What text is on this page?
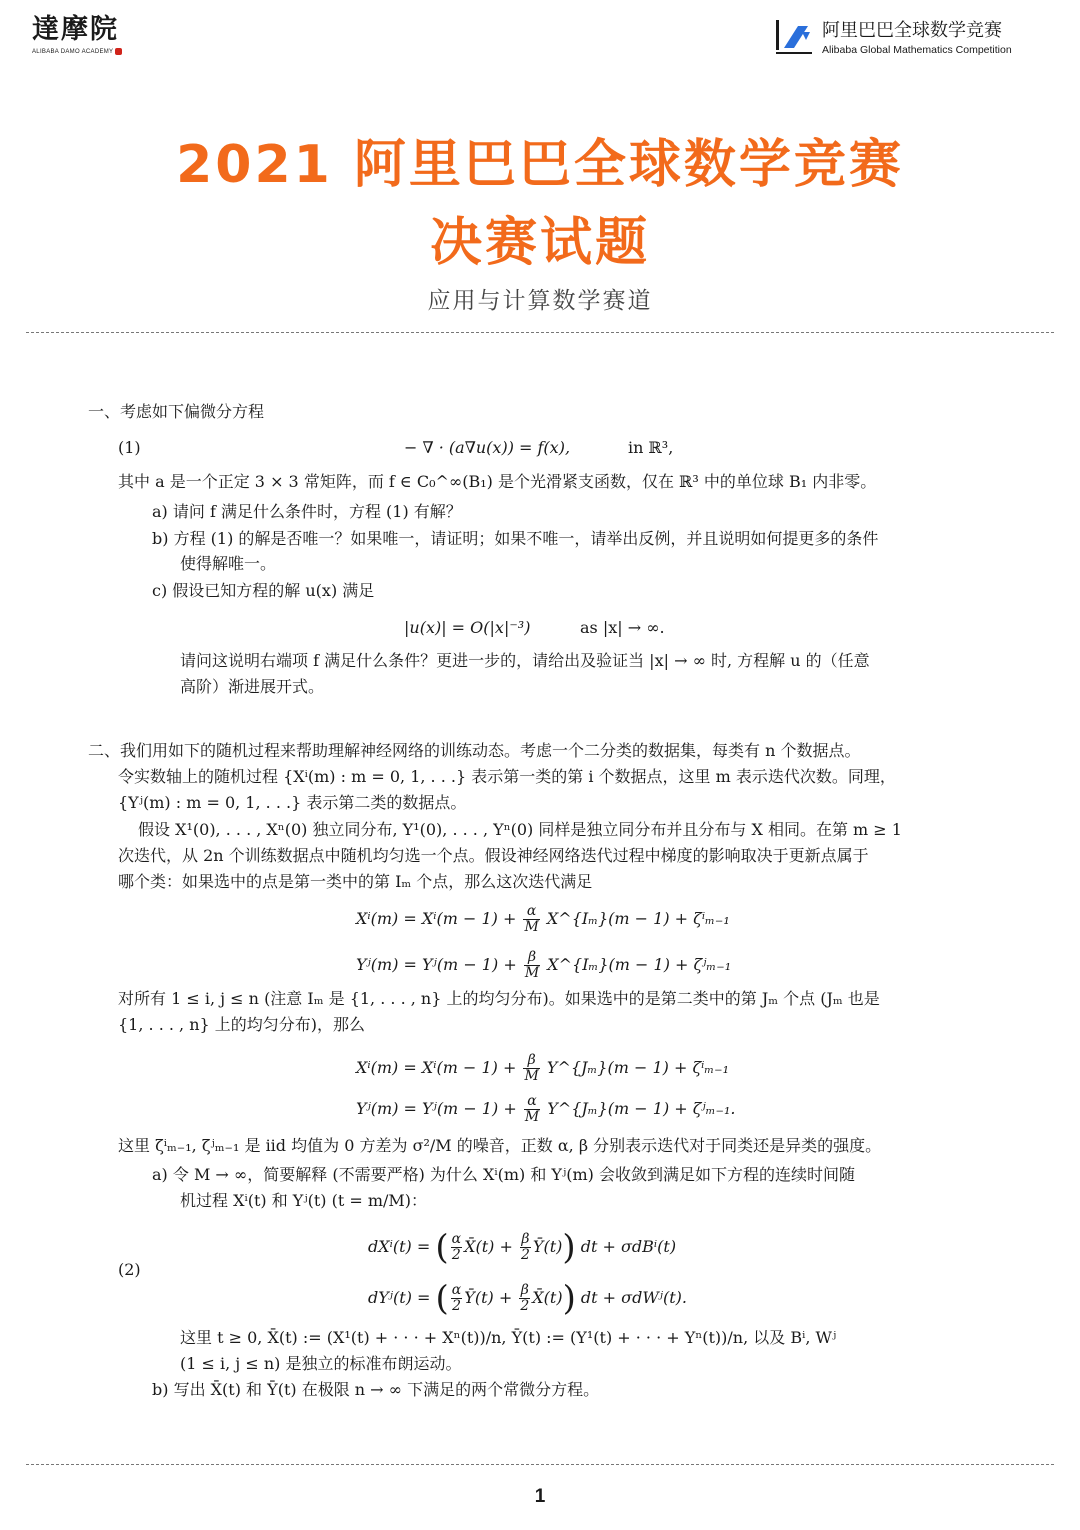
達摩院
ALIBABA DAMO ACADEMY
阿里巴巴全球数学竞赛
Alibaba Global Mathematics Competition
2021 阿里巴巴全球数学竞赛
决赛试题
应用与计算数学赛道
一、考虑如下偏微分方程
(1)	− ∇ · (a∇u(x)) = f(x),	in ℝ³,
其中 a 是一个正定 3 × 3 常矩阵，而 f ∈ C₀^∞(B₁) 是个光滑紧支函数，仅在 ℝ³ 中的单位球 B₁ 内非零。
a) 请问 f 满足什么条件时，方程 (1) 有解？
b) 方程 (1) 的解是否唯一？如果唯一，请证明；如果不唯一，请举出反例，并且说明如何提更多的条件
使得解唯一。
c) 假设已知方程的解 u(x) 满足
|u(x)| = O(|x|⁻³)	as |x| → ∞.
请问这说明右端项 f 满足什么条件？更进一步的，请给出及验证当 |x| → ∞ 时, 方程解 u 的（任意
高阶）渐进展开式。
二、我们用如下的随机过程来帮助理解神经网络的训练动态。考虑一个二分类的数据集，每类有 n 个数据点。
令实数轴上的随机过程 {Xⁱ(m) : m = 0, 1, . . .} 表示第一类的第 i 个数据点，这里 m 表示迭代次数。同理，
{Yʲ(m) : m = 0, 1, . . .} 表示第二类的数据点。
假设 X¹(0), . . . , Xⁿ(0) 独立同分布, Y¹(0), . . . , Yⁿ(0) 同样是独立同分布并且分布与 X 相同。在第 m ≥ 1
次迭代，从 2n 个训练数据点中随机均匀选一个点。假设神经网络迭代过程中梯度的影响取决于更新点属于
哪个类：如果选中的点是第一类中的第 Iₘ 个点，那么这次迭代满足
$X^i(m) = X^i(m - 1) + \frac{\alpha}{M}$ X^{Iₘ}(m − 1) + ζⁱₘ₋₁
Yʲ(m) = Yʲ(m − $1) + \frac{\beta}{M}$ X^{Iₘ}(m − 1) + ζʲₘ₋₁
对所有 1 ≤ i, j ≤ n (注意 Iₘ 是 {1, . . . , n} 上的均匀分布)。如果选中的是第二类中的第 Jₘ 个点 (Jₘ 也是
{1, . . . , n} 上的均匀分布)，那么
$X^i(m) = X^i(m - 1) + \frac{\beta}{M}$ Y^{Jₘ}(m − 1) + ζⁱₘ₋₁
Yʲ(m) = Yʲ(m − $1) + \frac{\alpha}{M}$ Y^{Jₘ}(m − 1) + ζʲₘ₋₁.
这里 ζⁱₘ₋₁, ζʲₘ₋₁ 是 iid 均值为 0 方差为 σ²/M 的噪音，正数 α, β 分别表示迭代对于同类还是异类的强度。
a) 令 M → ∞，简要解释 (不需要严格) 为什么 Xⁱ(m) 和 Yʲ(m) 会收敛到满足如下方程的连续时间随
机过程 Xⁱ(t) 和 Yʲ(t) (t = m/M)：
(2)
dXⁱ(t) = ( $\frac{\alpha}{2}$ X̄(t) + $\frac{\beta}{2}$ Ȳ(t)) dt + σdBⁱ(t)
dYʲ(t) = ( $\frac{\alpha}{2}$ Ȳ(t) + $\frac{\beta}{2}$ X̄(t)) dt + σdWʲ(t).
这里 t ≥ 0, X̄(t) := (X¹(t) + · · · + Xⁿ(t))/n, Ȳ(t) := (Y¹(t) + · · · + Yⁿ(t))/n, 以及 Bⁱ, Wʲ
(1 ≤ i, j ≤ n) 是独立的标准布朗运动。
b) 写出 X̄(t) 和 Ȳ(t) 在极限 n → ∞ 下满足的两个常微分方程。
1
